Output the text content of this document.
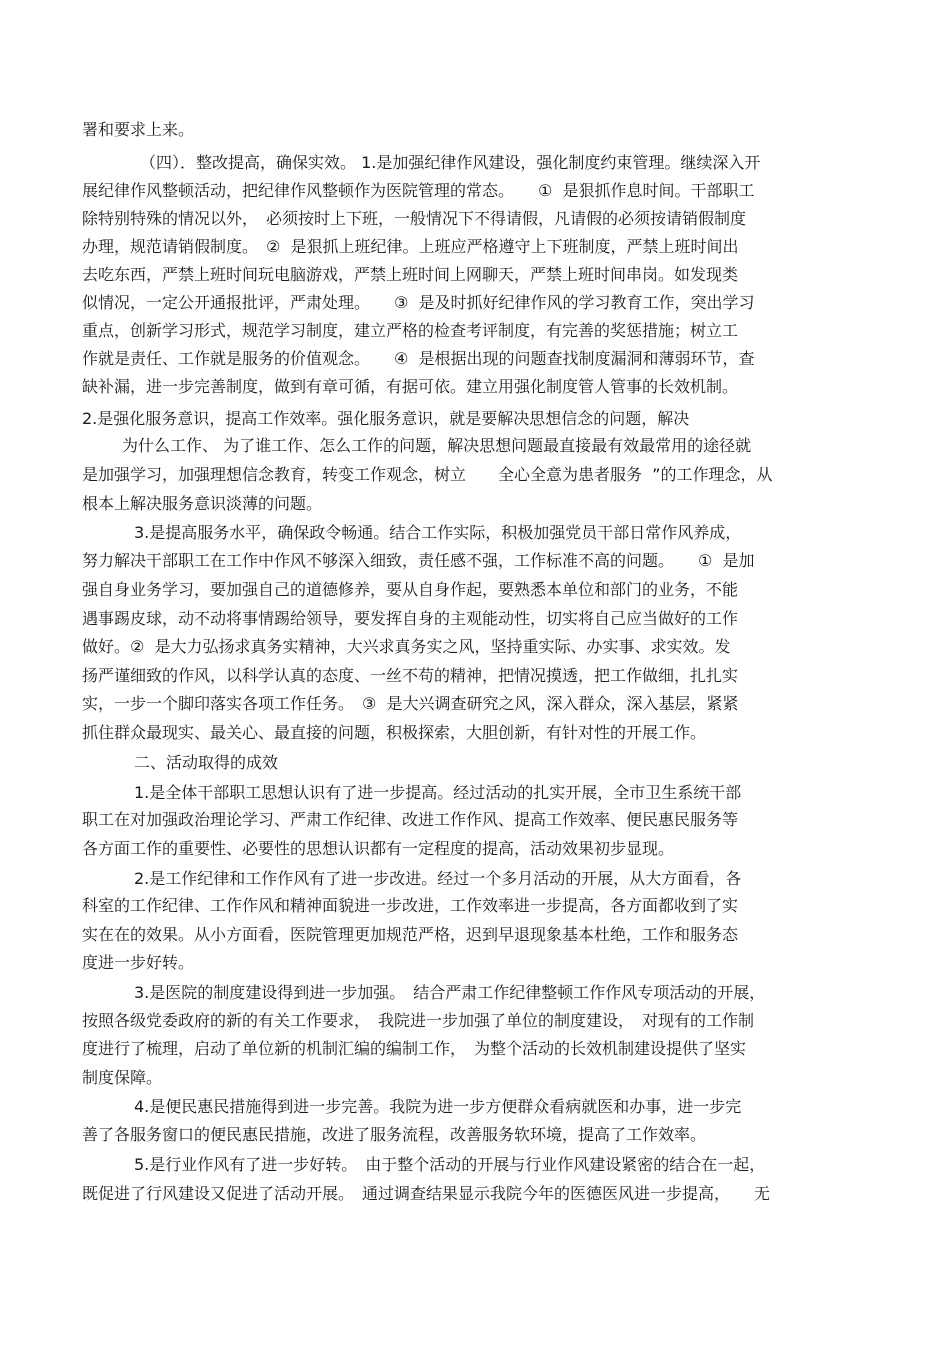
署和要求上来。

（四）．整改提高，确保实效。 1.是加强纪律作风建设，强化制度约束管理。继续深入开

展纪律作风整顿活动，把纪律作风整顿作为医院管理的常态。　　①  是狠抓作息时间。干部职工

除特别特殊的情况以外，　必须按时上下班，一般情况下不得请假，凡请假的必须按请销假制度

办理，规范请销假制度。　②  是狠抓上班纪律。上班应严格遵守上下班制度，严禁上班时间出

去吃东西，严禁上班时间玩电脑游戏，严禁上班时间上网聊天，严禁上班时间串岗。如发现类

似情况，一定公开通报批评，严肃处理。　　③  是及时抓好纪律作风的学习教育工作，突出学习

重点，创新学习形式，规范学习制度，建立严格的检查考评制度，有完善的奖惩措施；树立工

作就是责任、工作就是服务的价值观念。　　④  是根据出现的问题查找制度漏洞和薄弱环节，查

缺补漏，进一步完善制度，做到有章可循，有据可依。建立用强化制度管人管事的长效机制。

2.是强化服务意识，提高工作效率。强化服务意识，就是要解决思想信念的问题，解决

为什么工作、 为了谁工作、怎么工作的问题，解决思想问题最直接最有效最常用的途径就

是加强学习，加强理想信念教育，转变工作观念，树立　　全心全意为患者服务  ”的工作理念，从

根本上解决服务意识淡薄的问题。

3.是提高服务水平，确保政令畅通。结合工作实际，积极加强党员干部日常作风养成，

努力解决干部职工在工作中作风不够深入细致，责任感不强，工作标准不高的问题。　　①  是加

强自身业务学习，要加强自己的道德修养，要从自身作起，要熟悉本单位和部门的业务，不能

遇事踢皮球，动不动将事情踢给领导，要发挥自身的主观能动性，切实将自己应当做好的工作

做好。②  是大力弘扬求真务实精神，大兴求真务实之风，坚持重实际、办实事、求实效。发

扬严谨细致的作风，以科学认真的态度、一丝不苟的精神，把情况摸透，把工作做细，扎扎实

实，一步一个脚印落实各项工作任务。　③  是大兴调查研究之风，深入群众，深入基层，紧紧

抓住群众最现实、最关心、最直接的问题，积极探索，大胆创新，有针对性的开展工作。

二、活动取得的成效

1.是全体干部职工思想认识有了进一步提高。经过活动的扎实开展，全市卫生系统干部

职工在对加强政治理论学习、严肃工作纪律、改进工作作风、提高工作效率、便民惠民服务等

各方面工作的重要性、必要性的思想认识都有一定程度的提高，活动效果初步显现。

2.是工作纪律和工作作风有了进一步改进。经过一个多月活动的开展，从大方面看，各

科室的工作纪律、工作作风和精神面貌进一步改进，工作效率进一步提高，各方面都收到了实

实在在的效果。从小方面看，医院管理更加规范严格，迟到早退现象基本杜绝，工作和服务态

度进一步好转。

3.是医院的制度建设得到进一步加强。　结合严肃工作纪律整顿工作作风专项活动的开展，

按照各级党委政府的新的有关工作要求，　我院进一步加强了单位的制度建设，　对现有的工作制

度进行了梳理，启动了单位新的机制汇编的编制工作，　为整个活动的长效机制建设提供了坚实

制度保障。

4.是便民惠民措施得到进一步完善。我院为进一步方便群众看病就医和办事，进一步完

善了各服务窗口的便民惠民措施，改进了服务流程，改善服务软环境，提高了工作效率。

5.是行业作风有了进一步好转。　由于整个活动的开展与行业作风建设紧密的结合在一起，

既促进了行风建设又促进了活动开展。　通过调查结果显示我院今年的医德医风进一步提高，　　无
